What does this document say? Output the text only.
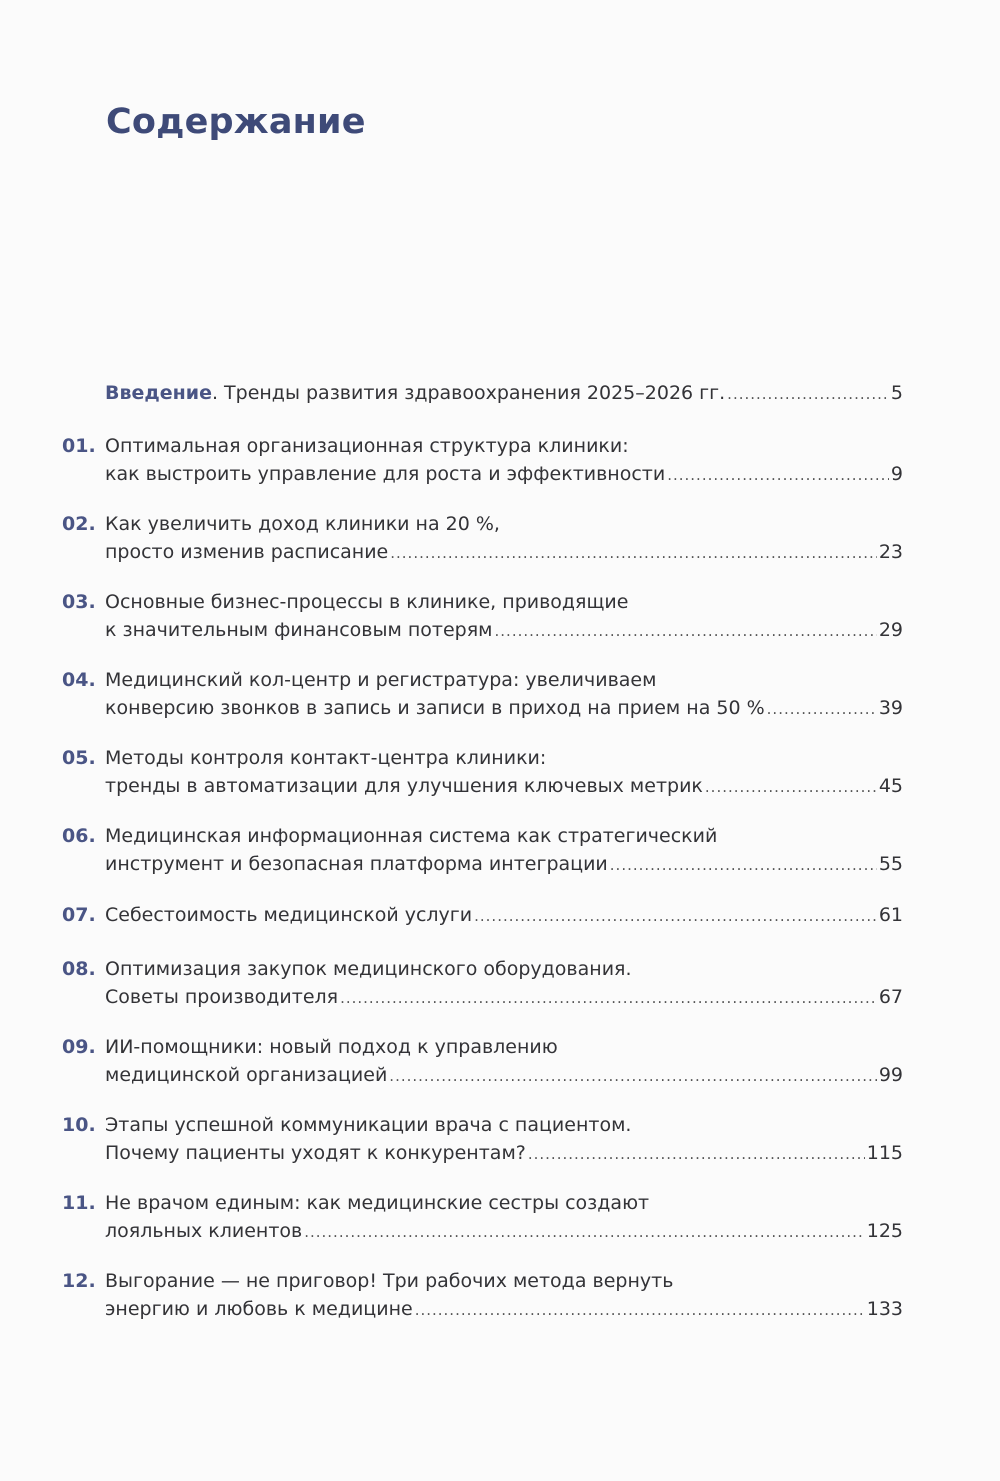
Содержание
Введение. Тренды развития здравоохранения 2025–2026 гг. .....	5
01. Оптимальная организационная структура клиники:
как выстроить управление для роста и эффективности .....	9
02. Как увеличить доход клиники на 20 %,
просто изменив расписание .....	23
03. Основные бизнес-процессы в клинике, приводящие
к значительным финансовым потерям .....	29
04. Медицинский кол-центр и регистратура: увеличиваем
конверсию звонков в запись и записи в приход на прием на 50 % .....	39
05. Методы контроля контакт-центра клиники:
тренды в автоматизации для улучшения ключевых метрик .....	45
06. Медицинская информационная система как стратегический
инструмент и безопасная платформа интеграции .....	55
07. Себестоимость медицинской услуги .....	61
08. Оптимизация закупок медицинского оборудования.
Советы производителя .....	67
09. ИИ-помощники: новый подход к управлению
медицинской организацией .....	99
10. Этапы успешной коммуникации врача с пациентом.
Почему пациенты уходят к конкурентам? .....	115
11. Не врачом единым: как медицинские сестры создают
лояльных клиентов .....	125
12. Выгорание — не приговор! Три рабочих метода вернуть
энергию и любовь к медицине .....	133
